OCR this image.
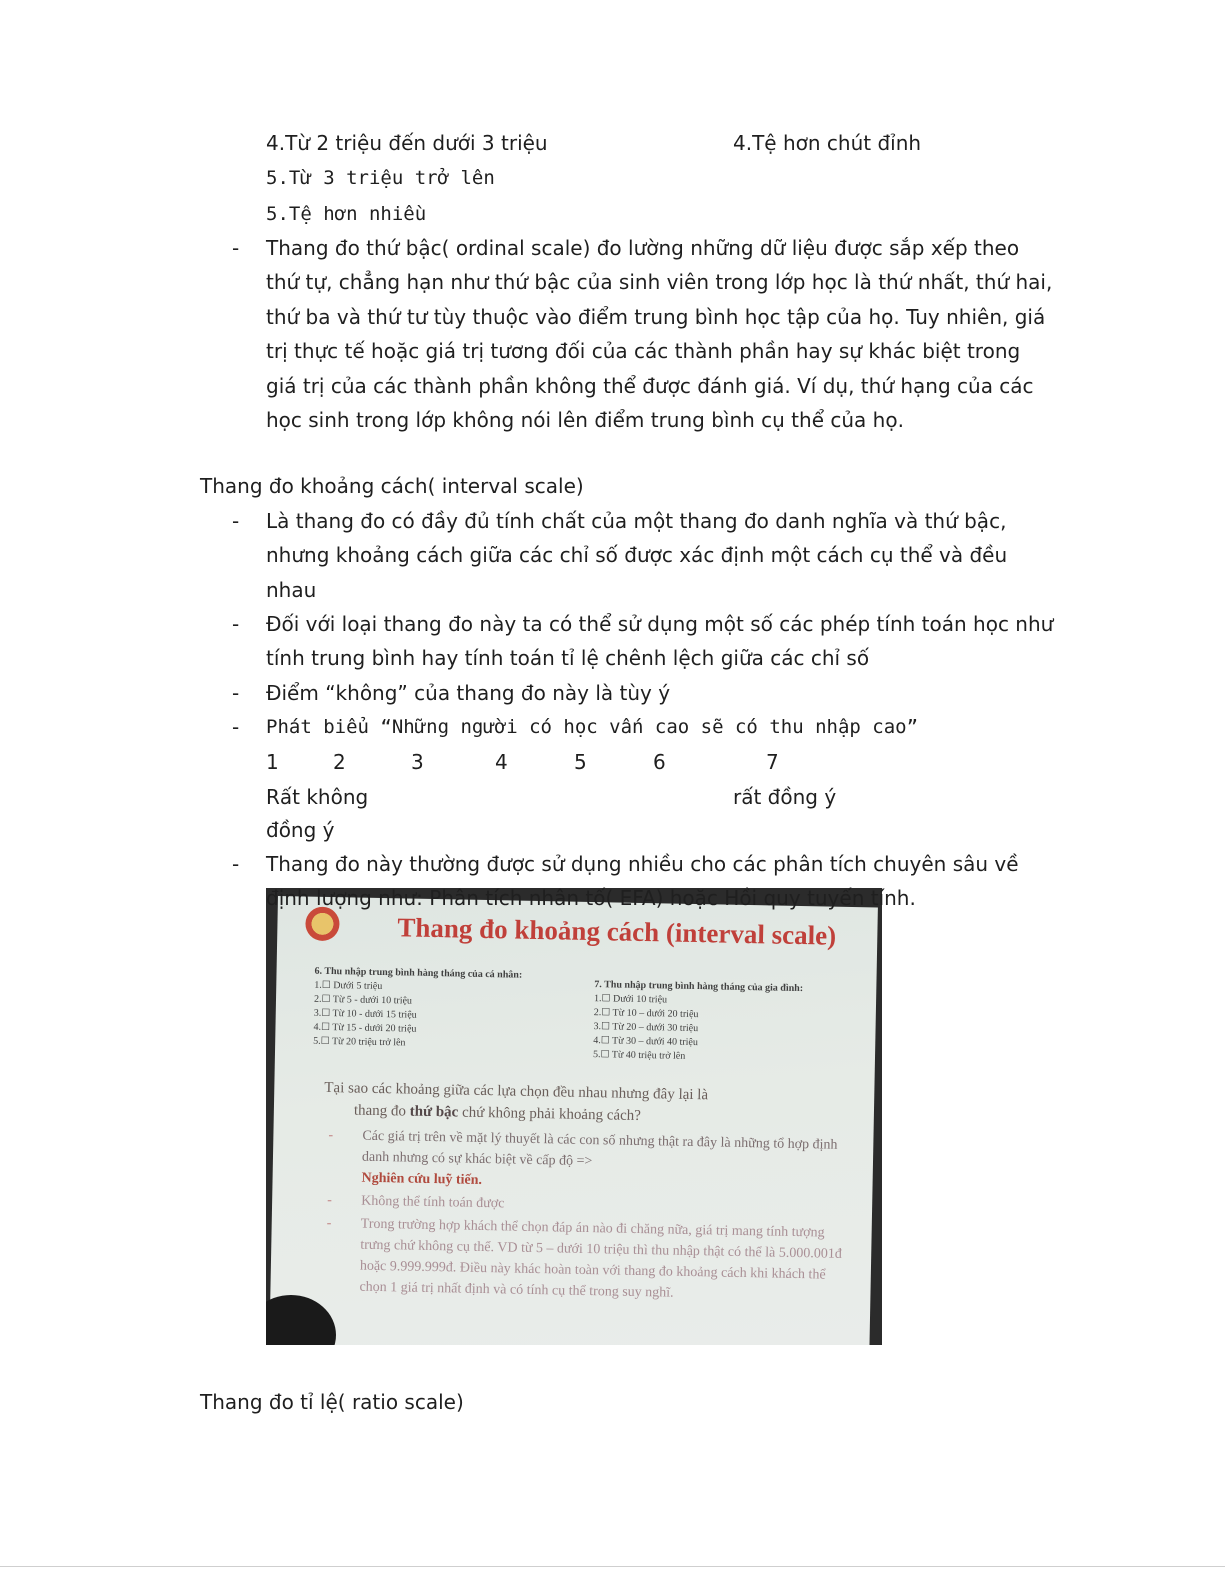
4.Từ 2 triệu đến dưới 3 triệu	4.Tệ hơn chút đỉnh
5.Từ 3 triệu trở lên
5.Tệ hơn nhiều
- Thang đo thứ bậc( ordinal scale) đo lường những dữ liệu được sắp xếp theo thứ tự, chẳng hạn như thứ bậc của sinh viên trong lớp học là thứ nhất, thứ hai, thứ ba và thứ tư tùy thuộc vào điểm trung bình học tập của họ. Tuy nhiên, giá trị thực tế hoặc giá trị tương đối của các thành phần hay sự khác biệt trong giá trị của các thành phần không thể được đánh giá. Ví dụ, thứ hạng của các học sinh trong lớp không nói lên điểm trung bình cụ thể của họ.
Thang đo khoảng cách( interval scale)
- Là thang đo có đầy đủ tính chất của một thang đo danh nghĩa và thứ bậc, nhưng khoảng cách giữa các chỉ số được xác định một cách cụ thể và đều nhau
- Đối với loại thang đo này ta có thể sử dụng một số các phép tính toán học như tính trung bình hay tính toán tỉ lệ chênh lệch giữa các chỉ số
- Điểm “không” của thang đo này là tùy ý
- Phát biểu “Những người có học vấn cao sẽ có thu nhập cao”
1	2	3	4	5	6	7
Rất không	rất đồng ý
đồng ý
- Thang đo này thường được sử dụng nhiều cho các phân tích chuyên sâu về định lượng như: Phân tích nhân tố( EFA) hoặc Hồi quy tuyến tính.
Thang đo khoảng cách (interval scale)
6. Thu nhập trung bình hàng tháng của cá nhân:
1.☐ Dưới 5 triệu
2.☐ Từ 5 - dưới 10 triệu
3.☐ Từ 10 - dưới 15 triệu
4.☐ Từ 15 - dưới 20 triệu
5.☐ Từ 20 triệu trở lên
7. Thu nhập trung bình hàng tháng của gia đình:
1.☐ Dưới 10 triệu
2.☐ Từ 10 – dưới 20 triệu
3.☐ Từ 20 – dưới 30 triệu
4.☐ Từ 30 – dưới 40 triệu
5.☐ Từ 40 triệu trở lên
Tại sao các khoảng giữa các lựa chọn đều nhau nhưng đây lại là
thang đo thứ bậc chứ không phải khoảng cách?
- Các giá trị trên về mặt lý thuyết là các con số nhưng thật ra đây là những tổ hợp định danh nhưng có sự khác biệt về cấp độ =>
Nghiên cứu luỹ tiến.
- Không thể tính toán được
- Trong trường hợp khách thể chọn đáp án nào đi chăng nữa, giá trị mang tính tượng trưng chứ không cụ thể. VD từ 5 – dưới 10 triệu thì thu nhập thật có thể là 5.000.001đ hoặc 9.999.999đ. Điều này khác hoàn toàn với thang đo khoảng cách khi khách thể chọn 1 giá trị nhất định và có tính cụ thể trong suy nghĩ.
Thang đo tỉ lệ( ratio scale)
